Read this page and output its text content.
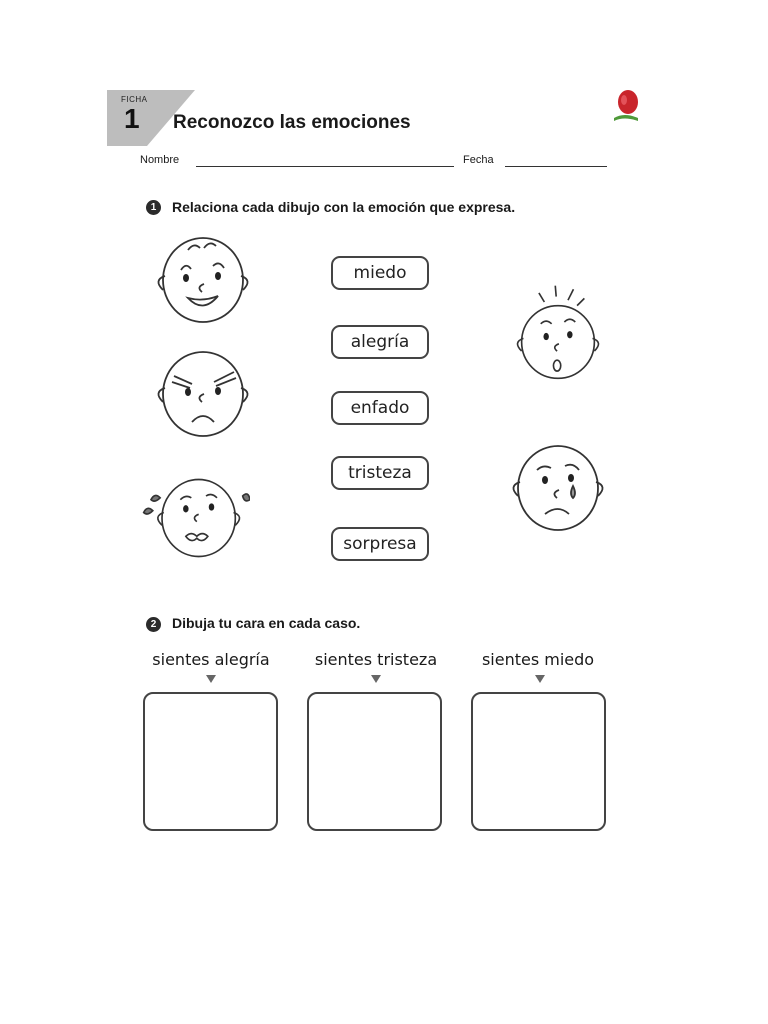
FICHA
1 Reconozco las emociones
Nombre	Fecha
1	Relaciona cada dibujo con la emoción que expresa.
miedo
alegría
enfado
tristeza
sorpresa
2	Dibuja tu cara en cada caso.
sientes alegría	sientes tristeza	sientes miedo
